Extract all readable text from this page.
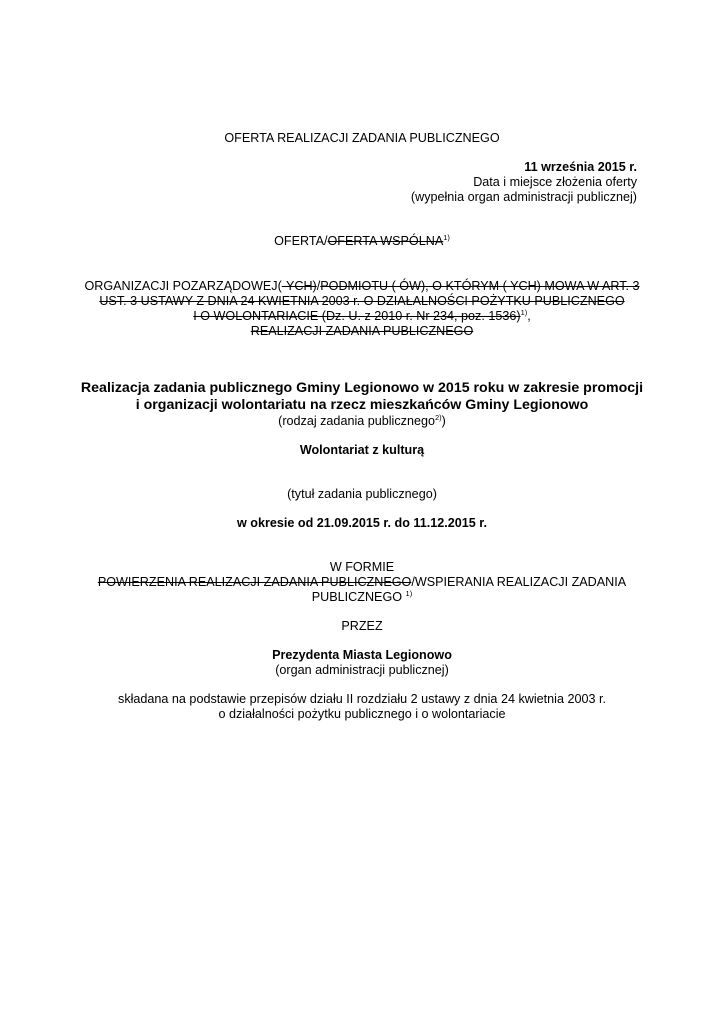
OFERTA REALIZACJI ZADANIA PUBLICZNEGO
11 września 2015 r.
Data i miejsce złożenia oferty
(wypełnia organ administracji publicznej)
OFERTA/OFERTA WSPÓLNA$^{1)}$
ORGANIZACJI POZARZĄDOWEJ(-YCH)/PODMIOTU ( ÓW), O KTÓRYM ( YCH) MOWA W ART. 3
UST. 3 USTAWY Z DNIA 24 KWIETNIA 2003 r. O DZIAŁALNOŚCI POŻYTKU PUBLICZNEGO
I O WOLONTARIACIE (Dz. U. z 2010 r. Nr 234, poz. 1536)$^{1)}$,
REALIZACJI ZADANIA PUBLICZNEGO
Realizacja zadania publicznego Gminy Legionowo w 2015 roku w zakresie promocji
i organizacji wolontariatu na rzecz mieszkańców Gminy Legionowo
(rodzaj zadania publicznego$^{2)}$)
Wolontariat z kulturą
(tytuł zadania publicznego)
w okresie od 21.09.2015 r. do 11.12.2015 r.
W FORMIE
POWIERZENIA REALIZACJI ZADANIA PUBLICZNEGO/WSPIERANIA REALIZACJI ZADANIA
PUBLICZNEGO $^{1)}$
PRZEZ
Prezydenta Miasta Legionowo
(organ administracji publicznej)
składana na podstawie przepisów działu II rozdziału 2 ustawy z dnia 24 kwietnia 2003 r.
o działalności pożytku publicznego i o wolontariacie
